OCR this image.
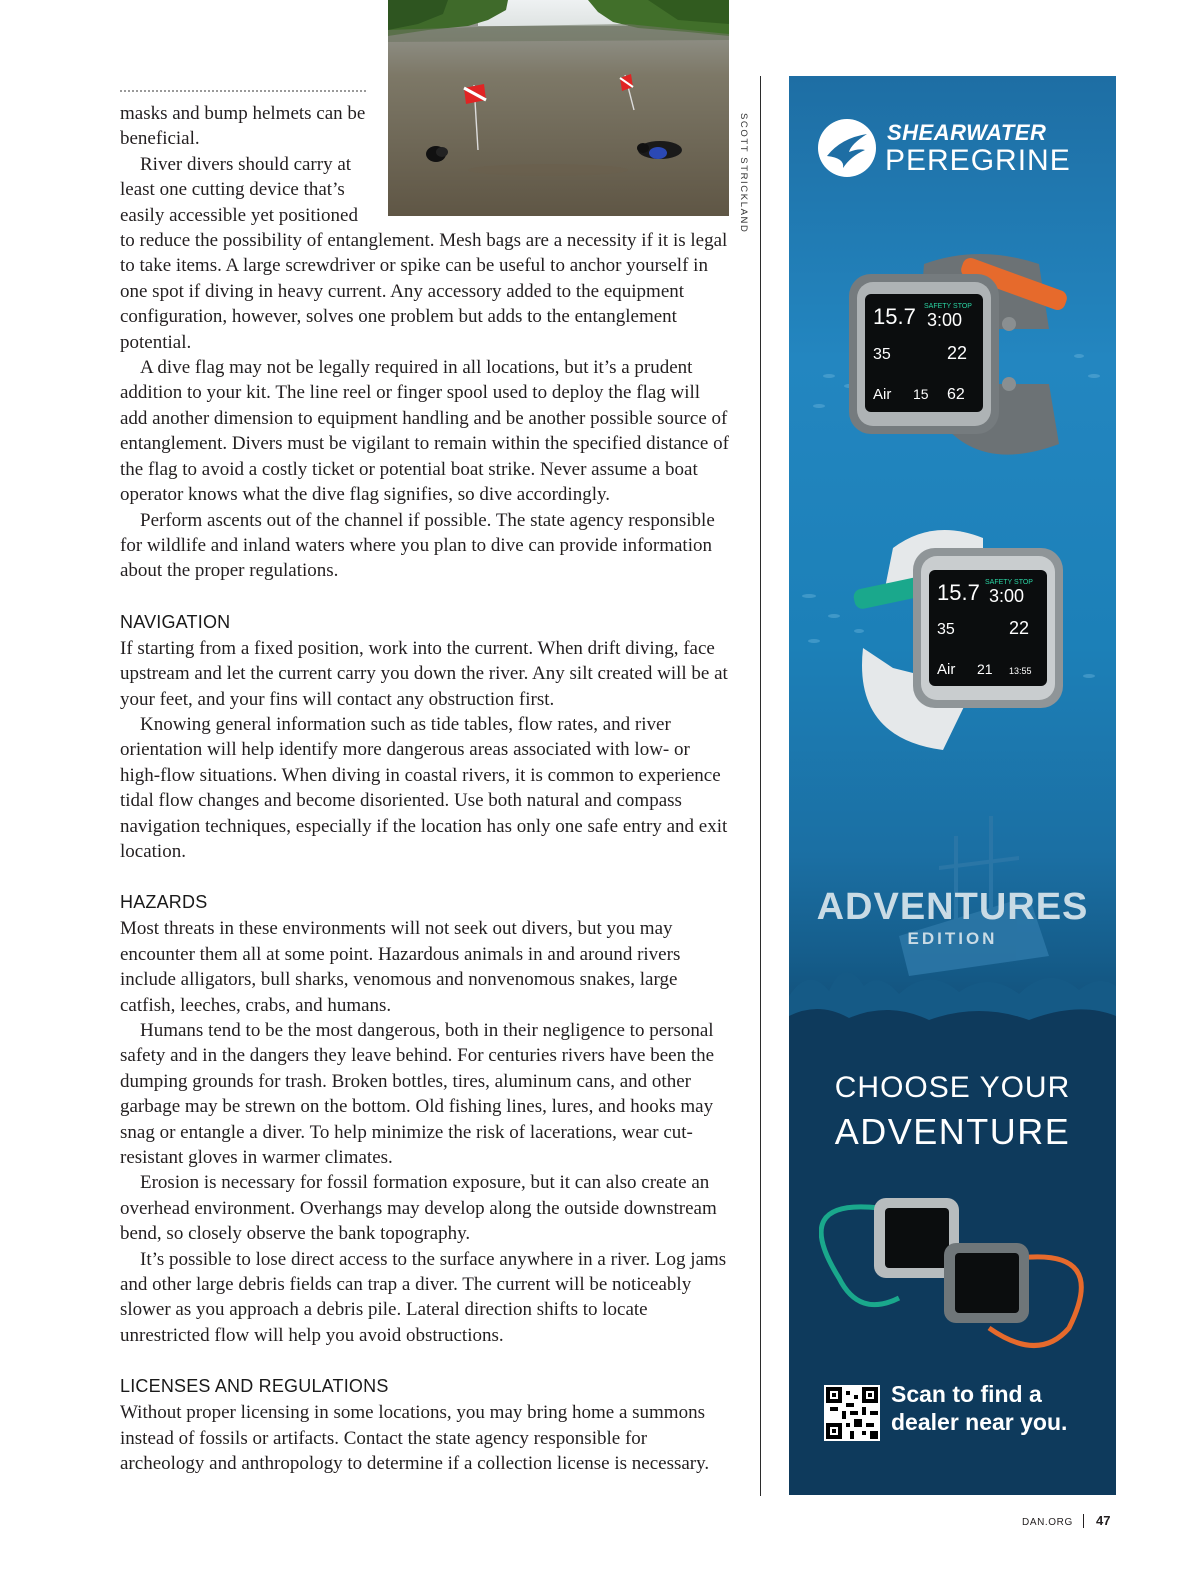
SCOTT STRICKLAND

masks and bump helmets can be beneficial.

River divers should carry at least one cutting device that’s easily accessible yet positioned to reduce the possibility of entanglement. Mesh bags are a necessity if it is legal to take items. A large screwdriver or spike can be useful to anchor yourself in one spot if diving in heavy current. Any accessory added to the equipment configuration, however, solves one problem but adds to the entanglement potential.

A dive flag may not be legally required in all locations, but it’s a prudent addition to your kit. The line reel or finger spool used to deploy the flag will add another dimension to equipment handling and be another possible source of entanglement. Divers must be vigilant to remain within the specified distance of the flag to avoid a costly ticket or potential boat strike. Never assume a boat operator knows what the dive flag signifies, so dive accordingly.

Perform ascents out of the channel if possible. The state agency responsible for wildlife and inland waters where you plan to dive can provide information about the proper regulations.

NAVIGATION

If starting from a fixed position, work into the current. When drift diving, face upstream and let the current carry you down the river. Any silt created will be at your feet, and your fins will contact any obstruction first.

Knowing general information such as tide tables, flow rates, and river orientation will help identify more dangerous areas associated with low- or high-flow situations. When diving in coastal rivers, it is common to experience tidal flow changes and become disoriented. Use both natural and compass navigation techniques, especially if the location has only one safe entry and exit location.

HAZARDS

Most threats in these environments will not seek out divers, but you may encounter them all at some point. Hazardous animals in and around rivers include alligators, bull sharks, venomous and nonvenomous snakes, large catfish, leeches, crabs, and humans.

Humans tend to be the most dangerous, both in their negligence to personal safety and in the dangers they leave behind. For centuries rivers have been the dumping grounds for trash. Broken bottles, tires, aluminum cans, and other garbage may be strewn on the bottom. Old fishing lines, lures, and hooks may snag or entangle a diver. To help minimize the risk of lacerations, wear cut-resistant gloves in warmer climates.

Erosion is necessary for fossil formation exposure, but it can also create an overhead environment. Overhangs may develop along the outside downstream bend, so closely observe the bank topography.

It’s possible to lose direct access to the surface anywhere in a river. Log jams and other large debris fields can trap a diver. The current will be noticeably slower as you approach a debris pile. Lateral direction shifts to locate unrestricted flow will help you avoid obstructions.

LICENSES AND REGULATIONS

Without proper licensing in some locations, you may bring home a summons instead of fossils or artifacts. Contact the state agency responsible for archeology and anthropology to determine if a collection license is necessary.

SHEARWATER
PEREGRINE
15.7 SAFETY STOP
3:00
35	22
Air 15 62
15.7 SAFETY STOP
3:00
35	22
Air 21 13:55
ADVENTURES
EDITION
CHOOSE YOUR
ADVENTURE
Scan to find a
dealer near you.
DAN.ORG 47
